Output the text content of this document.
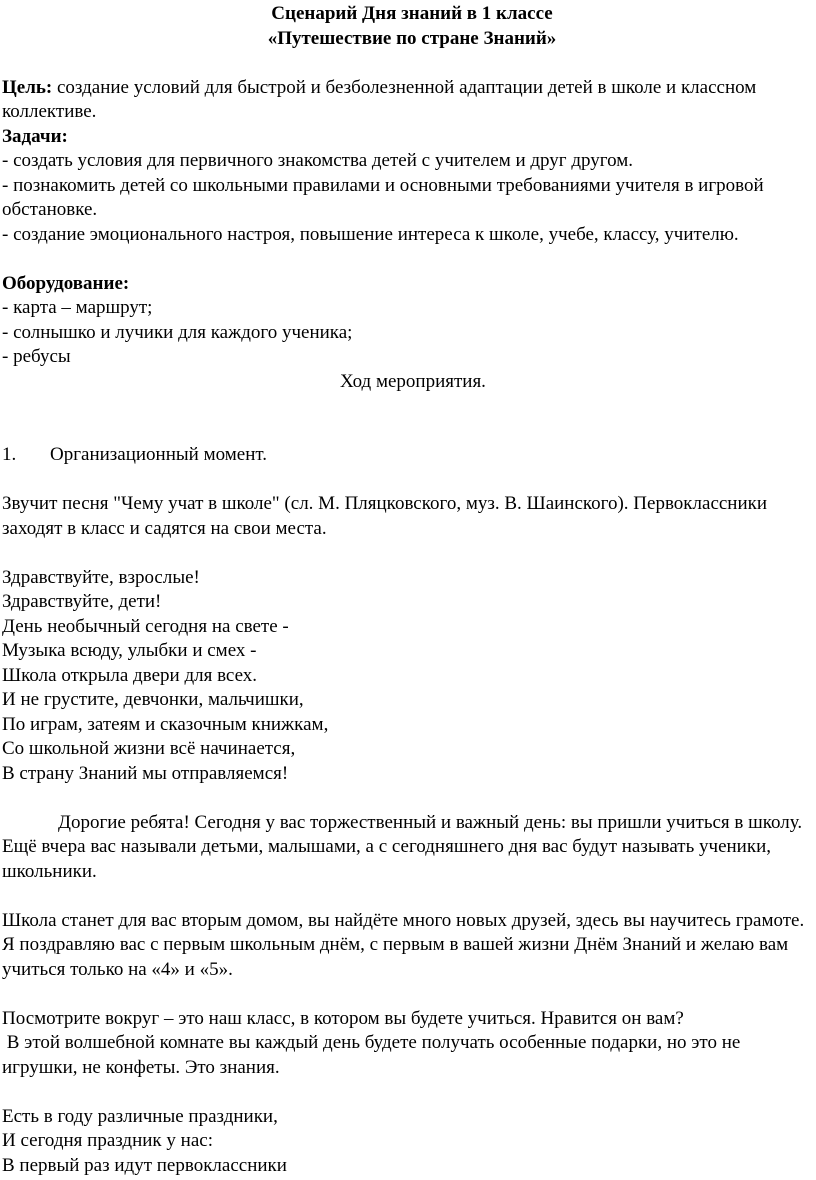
Сценарий Дня знаний в 1 классе

«Путешествие по стране Знаний»

Цель: создание условий для быстрой и безболезненной адаптации детей в школе и классном коллективе.

Задачи:

- создать условия для первичного знакомства детей с учителем и друг другом.

- познакомить детей со школьными правилами и основными требованиями учителя в игровой обстановке.

- создание эмоционального настроя, повышение интереса к школе, учебе, классу, учителю.

Оборудование:

- карта – маршрут;

- солнышко и лучики для каждого ученика;

- ребусы

Ход мероприятия.

1. Организационный момент.

Звучит песня "Чему учат в школе" (сл. М. Пляцковского, муз. В. Шаинского). Первоклассники заходят в класс и садятся на свои места.

Здравствуйте, взрослые!

Здравствуйте, дети!

День необычный сегодня на свете -

Музыка всюду, улыбки и смех -

Школа открыла двери для всех.

И не грустите, девчонки, мальчишки,

По играм, затеям и сказочным книжкам,

Со школьной жизни всё начинается,

В страну Знаний мы отправляемся!

Дорогие ребята! Сегодня у вас торжественный и важный день: вы пришли учиться в школу. Ещё вчера вас называли детьми, малышами, а с сегодняшнего дня вас будут называть ученики, школьники.

Школа станет для вас вторым домом, вы найдёте много новых друзей, здесь вы научитесь грамоте. Я поздравляю вас с первым школьным днём, с первым в вашей жизни Днём Знаний и желаю вам учиться только на «4» и «5».

Посмотрите вокруг – это наш класс, в котором вы будете учиться. Нравится он вам?

В этой волшебной комнате вы каждый день будете получать особенные подарки, но это не игрушки, не конфеты. Это знания.

Есть в году различные праздники,

И сегодня праздник у нас:

В первый раз идут первоклассники
